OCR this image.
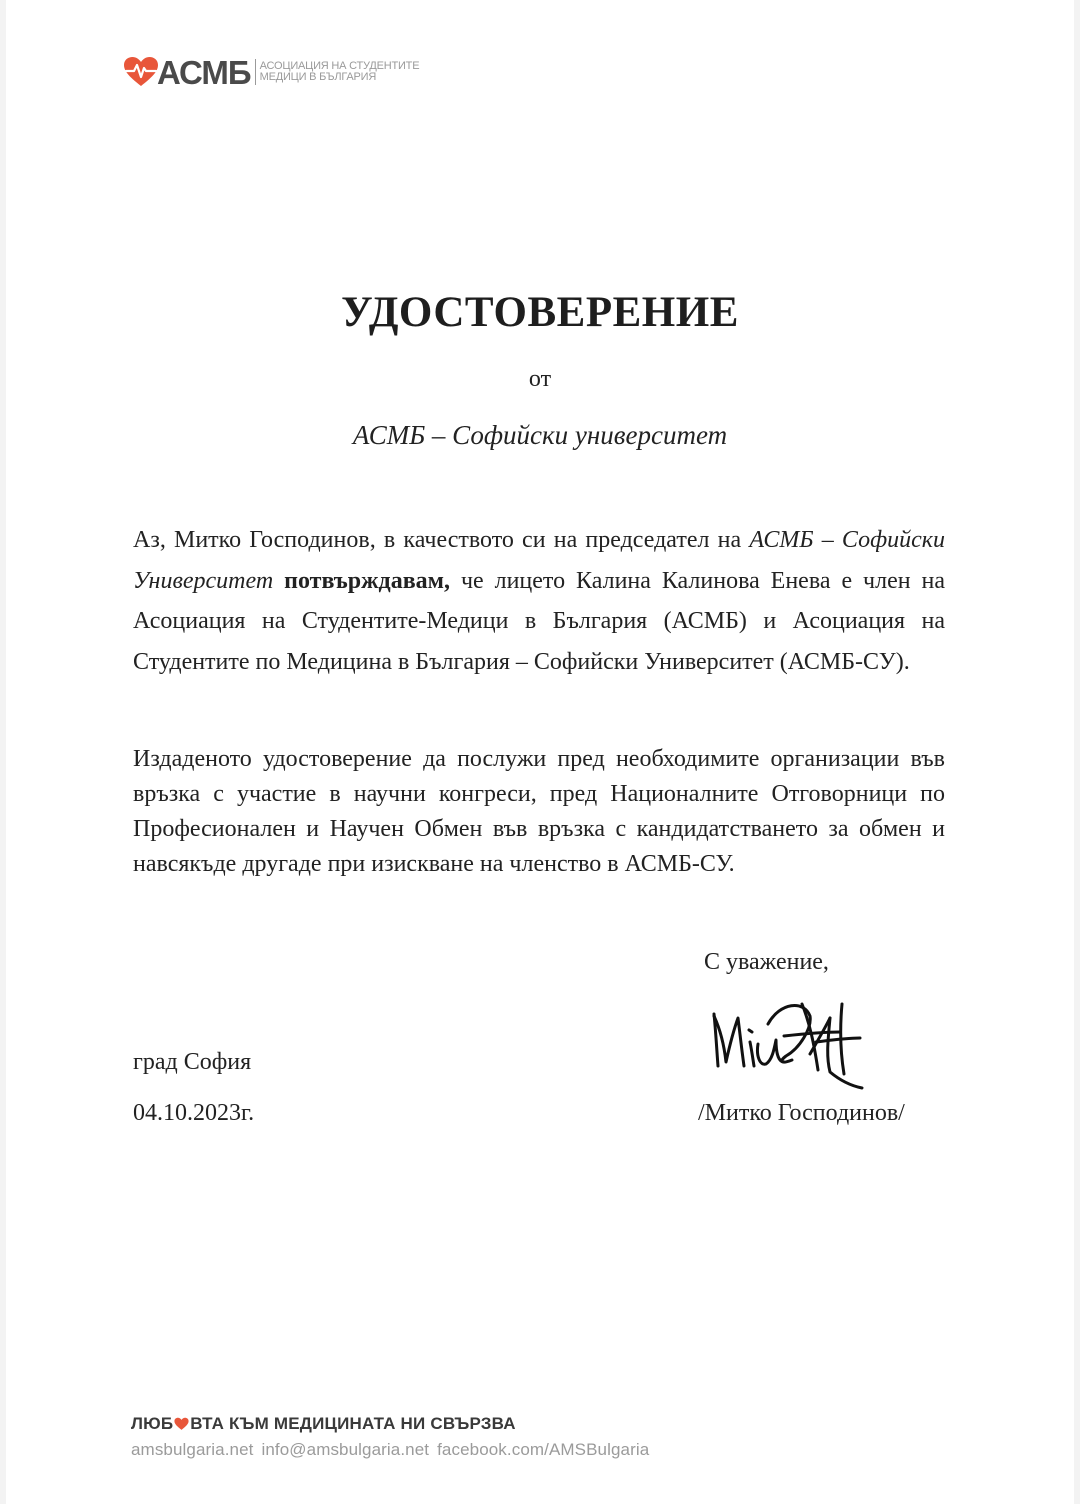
АСМБ АСОЦИАЦИЯ НА СТУДЕНТИТЕ
МЕДИЦИ В БЪЛГАРИЯ
УДОСТОВЕРЕНИЕ
от
АСМБ – Софийски университет
Аз, Митко Господинов, в качеството си на председател на АСМБ – Софийски Университет потвърждавам, че лицето Калина Калинова Енева е член на Асоциация на Студентите-Медици в България (АСМБ) и Асоциация на Студентите по Медицина в България – Софийски Университет (АСМБ-СУ).
Издаденото удостоверение да послужи пред необходимите организации във връзка с участие в научни конгреси, пред Националните Отговорници по Професионален и Научен Обмен във връзка с кандидатстването за обмен и навсякъде другаде при изискване на членство в АСМБ-СУ.
С уважение,
град София
04.10.2023г.	/Митко Господинов/
ЛЮБ ВТА КЪМ МЕДИЦИНАТА НИ СВЪРЗВА
amsbulgaria.net info@amsbulgaria.net facebook.com/AMSBulgaria
